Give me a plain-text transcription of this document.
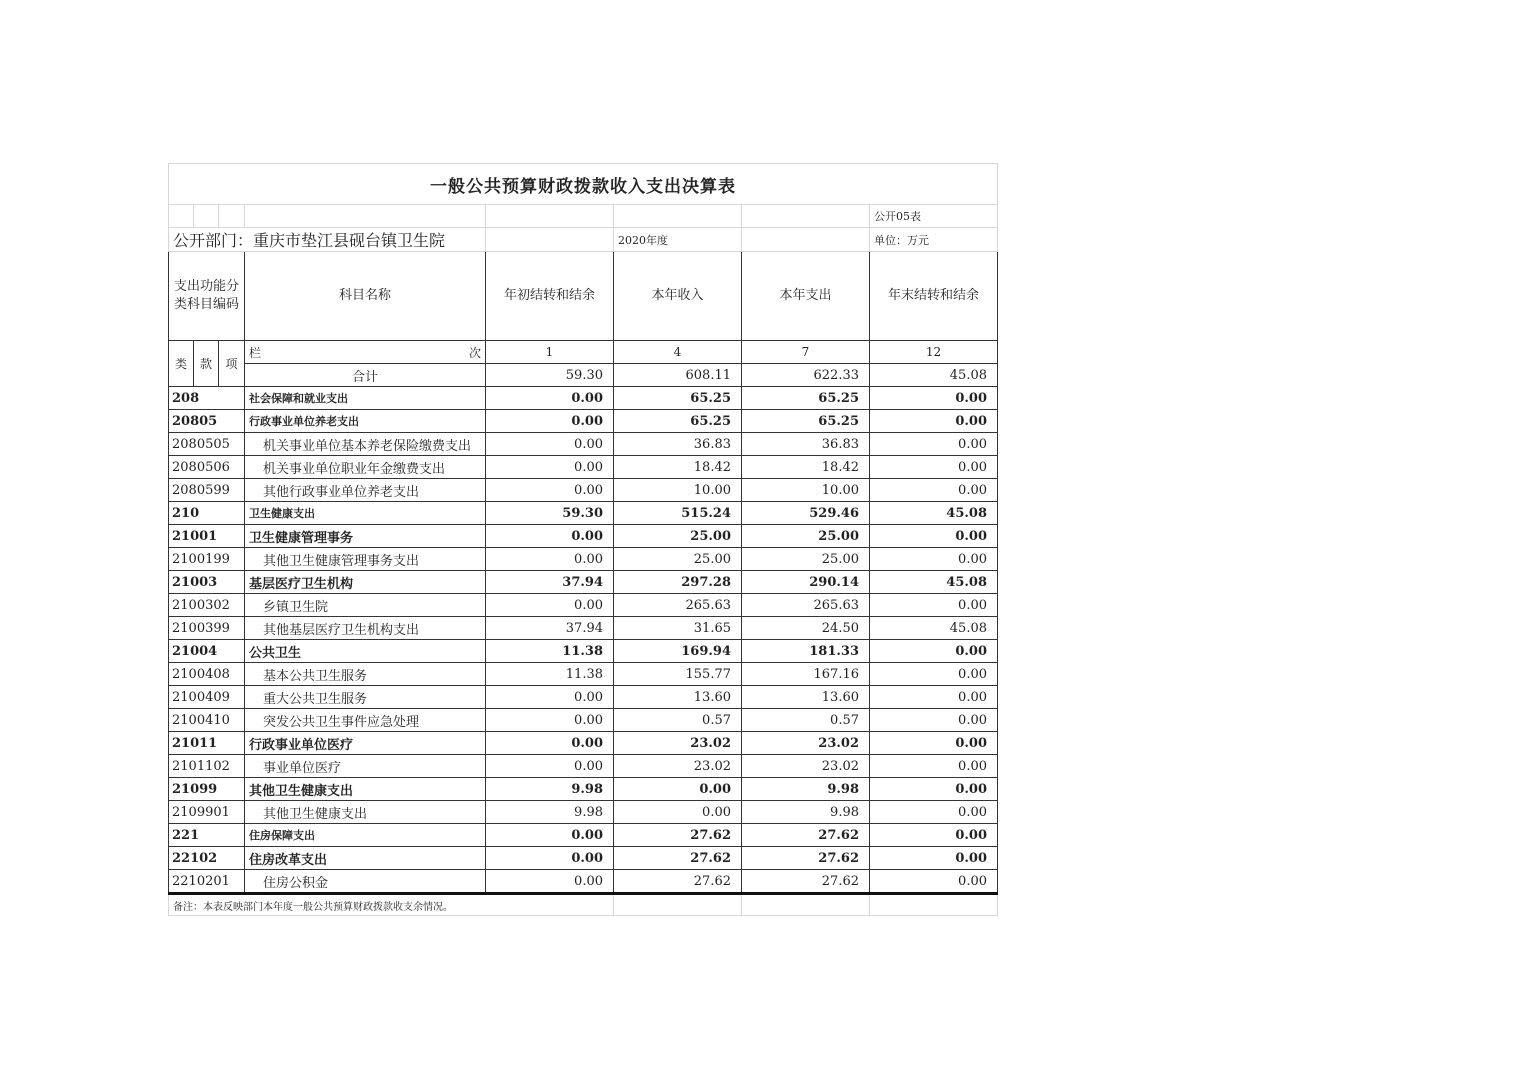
一般公共预算财政拨款收入支出决算表							
							公开05表
公开部门：重庆市垫江县砚台镇卫生院					2020年度		单位：万元
支出功能分类科目编码			科目名称	年初结转和结余	本年收入	本年支出	年末结转和结余
类	款	项	栏 次	1	4	7	12
			合计	59.30	608.11	622.33	45.08
208			社会保障和就业支出	0.00	65.25	65.25	0.00
20805			行政事业单位养老支出	0.00	65.25	65.25	0.00
2080505			机关事业单位基本养老保险缴费支出	0.00	36.83	36.83	0.00
2080506			机关事业单位职业年金缴费支出	0.00	18.42	18.42	0.00
2080599			其他行政事业单位养老支出	0.00	10.00	10.00	0.00
210			卫生健康支出	59.30	515.24	529.46	45.08
21001			卫生健康管理事务	0.00	25.00	25.00	0.00
2100199			其他卫生健康管理事务支出	0.00	25.00	25.00	0.00
21003			基层医疗卫生机构	37.94	297.28	290.14	45.08
2100302			乡镇卫生院	0.00	265.63	265.63	0.00
2100399			其他基层医疗卫生机构支出	37.94	31.65	24.50	45.08
21004			公共卫生	11.38	169.94	181.33	0.00
2100408			基本公共卫生服务	11.38	155.77	167.16	0.00
2100409			重大公共卫生服务	0.00	13.60	13.60	0.00
2100410			突发公共卫生事件应急处理	0.00	0.57	0.57	0.00
21011			行政事业单位医疗	0.00	23.02	23.02	0.00
2101102			事业单位医疗	0.00	23.02	23.02	0.00
21099			其他卫生健康支出	9.98	0.00	9.98	0.00
2109901			其他卫生健康支出	9.98	0.00	9.98	0.00
221			住房保障支出	0.00	27.62	27.62	0.00
22102			住房改革支出	0.00	27.62	27.62	0.00
2210201			住房公积金	0.00	27.62	27.62	0.00
备注：本表反映部门本年度一般公共预算财政拨款收支余情况。							
